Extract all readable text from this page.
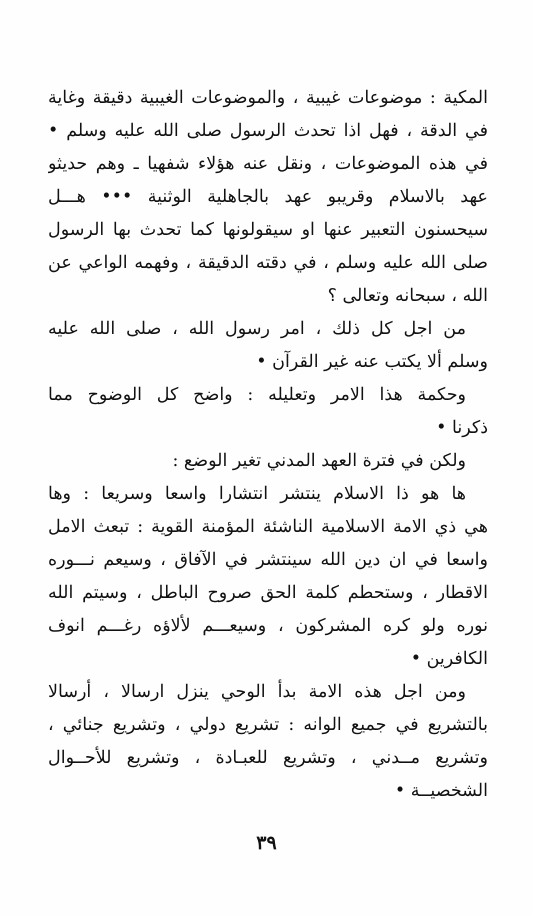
المكية : موضوعات غيبية ، والموضوعات الغيبية دقيقة وغاية
في الدقة ، فهل اذا تحدث الرسول صلى الله عليه وسلم •
في هذه الموضوعات ، ونقل عنه هؤلاء شفهيا ـ وهم حديثو
عهد بالاسلام وقريبو عهد بالجاهلية الوثنية ••• هـــل
سيحسنون التعبير عنها او سيقولونها كما تحدث بها الرسول
صلى الله عليه وسلم ، في دقته الدقيقة ، وفهمه الواعي عن
الله ، سبحانه وتعالى ؟
من اجل كل ذلك ، امر رسول الله ، صلى الله عليه
وسلم ألا يكتب عنه غير القرآن •
وحكمة هذا الامر وتعليله : واضح كل الوضوح مما
ذكرنا •
ولكن في فترة العهد المدني تغير الوضع :
ها هو ذا الاسلام ينتشر انتشارا واسعا وسريعا : وها
هي ذي الامة الاسلامية الناشئة المؤمنة القوية : تبعث الامل
واسعا في ان دين الله سينتشر في الآفاق ، وسيعم نـــوره
الاقطار ، وستحطم كلمة الحق صروح الباطل ، وسيتم الله
نوره ولو كره المشركون ، وسيعـــم لألاؤه رغـــم انوف
الكافرين •
ومن اجل هذه الامة بدأ الوحي ينزل ارسالا ، أرسالا
بالتشريع في جميع الوانه : تشريع دولي ، وتشريع جنائي ،
وتشريع مــدني ، وتشريع للعبـادة ، وتشريع للأحــوال
الشخصيــة •
٣٩
